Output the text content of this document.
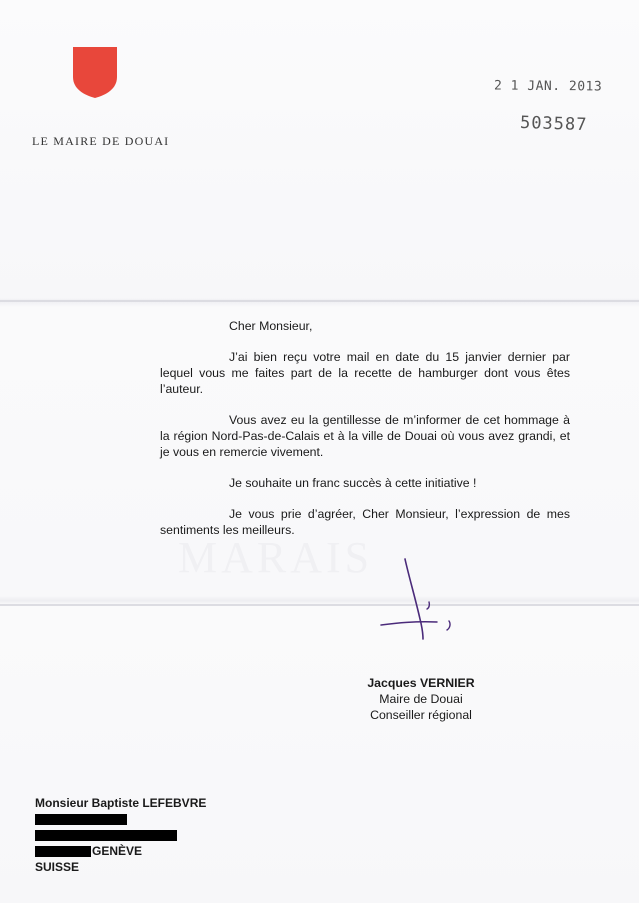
LE MAIRE DE DOUAI
2 1 JAN. 2013
503587
MARAIS
Cher Monsieur,

J’ai bien reçu votre mail en date du 15 janvier dernier par lequel vous me faites part de la recette de hamburger dont vous êtes l’auteur.

Vous avez eu la gentillesse de m’informer de cet hommage à la région Nord-Pas-de-Calais et à la ville de Douai où vous avez grandi, et je vous en remercie vivement.

Je souhaite un franc succès à cette initiative !

Je vous prie d’agréer, Cher Monsieur, l’expression de mes sentiments les meilleurs.

Jacques VERNIER
Maire de Douai
Conseiller régional
Monsieur Baptiste LEFEBVRE
GENÈVE
SUISSE
